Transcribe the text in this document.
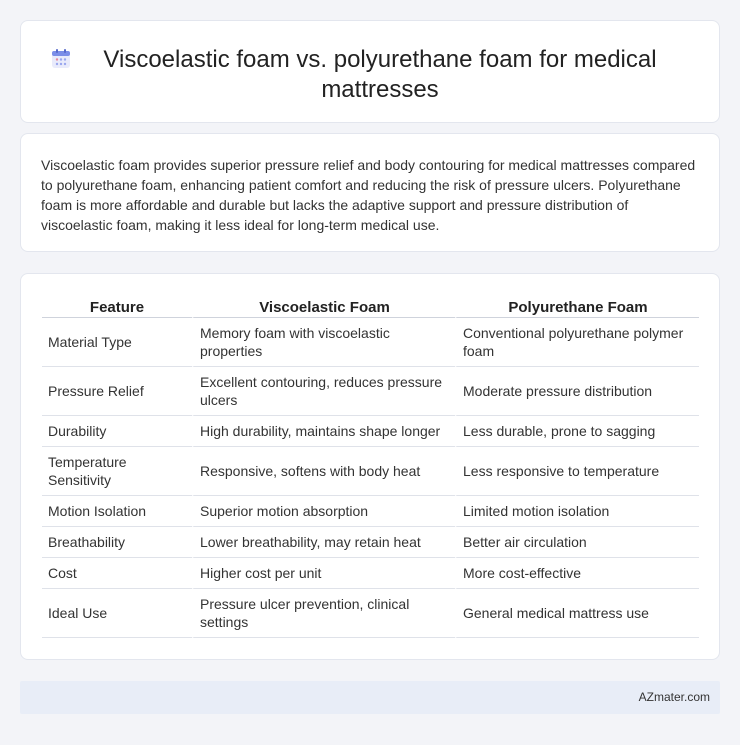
Viscoelastic foam vs. polyurethane foam for medical mattresses

Viscoelastic foam provides superior pressure relief and body contouring for medical mattresses compared to polyurethane foam, enhancing patient comfort and reducing the risk of pressure ulcers. Polyurethane foam is more affordable and durable but lacks the adaptive support and pressure distribution of viscoelastic foam, making it less ideal for long-term medical use.

Feature	Viscoelastic Foam	Polyurethane Foam
Material Type	Memory foam with viscoelastic properties	Conventional polyurethane polymer foam
Pressure Relief	Excellent contouring, reduces pressure ulcers	Moderate pressure distribution
Durability	High durability, maintains shape longer	Less durable, prone to sagging
Temperature Sensitivity	Responsive, softens with body heat	Less responsive to temperature
Motion Isolation	Superior motion absorption	Limited motion isolation
Breathability	Lower breathability, may retain heat	Better air circulation
Cost	Higher cost per unit	More cost-effective
Ideal Use	Pressure ulcer prevention, clinical settings	General medical mattress use
AZmater.com
